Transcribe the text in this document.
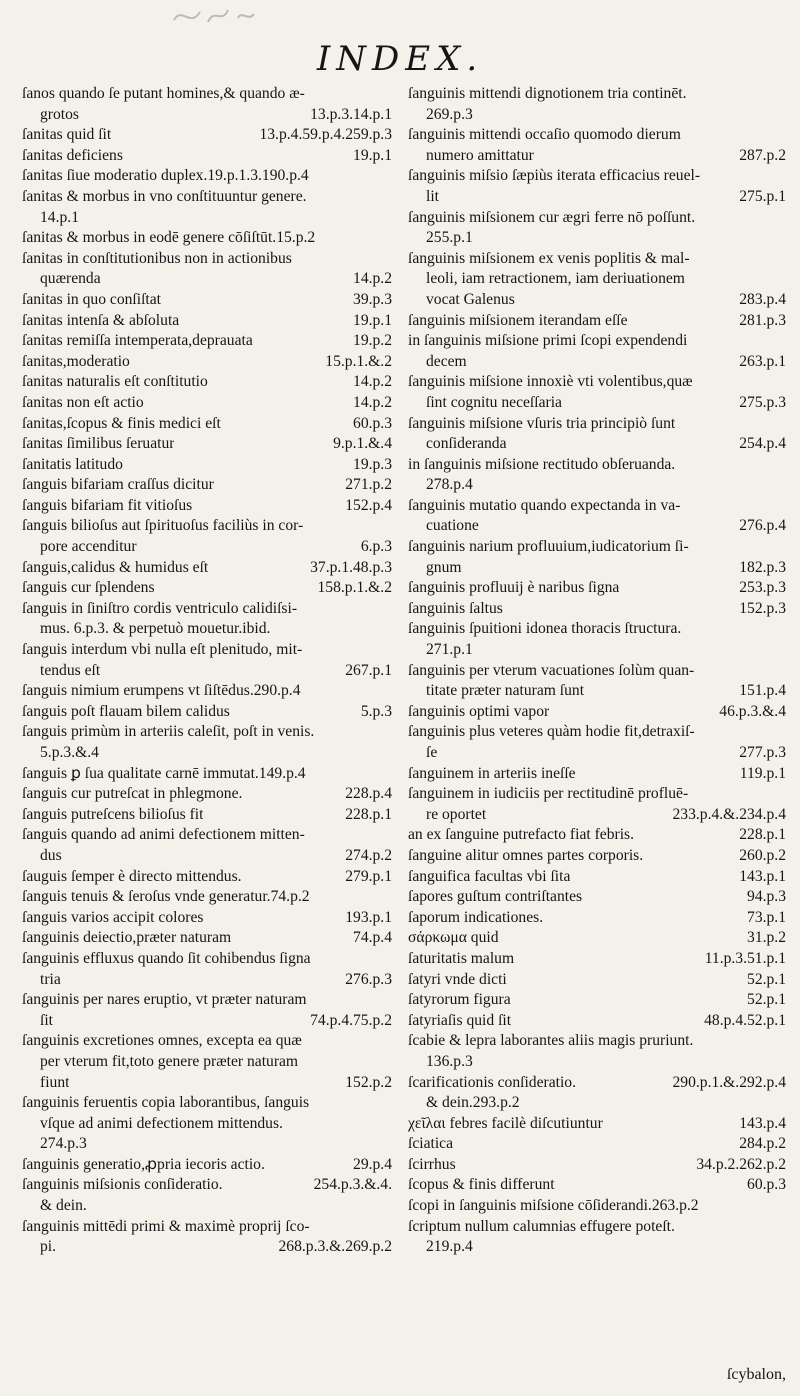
INDEX.
ſanos quando ſe putant homines,& quando æ-
grotos	13.p.3.14.p.1
ſanitas quid ſit	13.p.4.59.p.4.259.p.3
ſanitas deficiens	19.p.1
ſanitas ſiue moderatio duplex.19.p.1.3.190.p.4
ſanitas & morbus in vno conſtituuntur genere.
14.p.1
ſanitas & morbus in eodē genere cōſiſtūt.15.p.2
ſanitas in conſtitutionibus non in actionibus
quærenda	14.p.2
ſanitas in quo conſiſtat	39.p.3
ſanitas intenſa & abſoluta	19.p.1
ſanitas remiſſa intemperata,deprauata	19.p.2
ſanitas,moderatio	15.p.1.&.2
ſanitas naturalis eſt conſtitutio	14.p.2
ſanitas non eſt actio	14.p.2
ſanitas,ſcopus & finis medici eſt	60.p.3
ſanitas ſimilibus ſeruatur	9.p.1.&.4
ſanitatis latitudo	19.p.3
ſanguis bifariam craſſus dicitur	271.p.2
ſanguis bifariam fit vitioſus	152.p.4
ſanguis bilioſus aut ſpirituoſus faciliùs in cor-
pore accenditur	6.p.3
ſanguis,calidus & humidus eſt	37.p.1.48.p.3
ſanguis cur ſplendens	158.p.1.&.2
ſanguis in ſiniſtro cordis ventriculo calidiſsi-
mus. 6.p.3. & perpetuò mouetur.ibid.
ſanguis interdum vbi nulla eſt plenitudo, mit-
tendus eſt	267.p.1
ſanguis nimium erumpens vt ſiſtēdus.290.p.4
ſanguis poſt flauam bilem calidus	5.p.3
ſanguis primùm in arteriis caleſit, poſt in venis.
5.p.3.&.4
ſanguis ꝑ ſua qualitate carnē immutat.149.p.4
ſanguis cur putreſcat in phlegmone.	228.p.4
ſanguis putreſcens bilioſus fit	228.p.1
ſanguis quando ad animi defectionem mitten-
dus	274.p.2
ſauguis ſemper è directo mittendus.	279.p.1
ſanguis tenuis & ſeroſus vnde generatur.74.p.2
ſanguis varios accipit colores	193.p.1
ſanguinis deiectio,præter naturam	74.p.4
ſanguinis effluxus quando ſit cohibendus ſigna
tria	276.p.3
ſanguinis per nares eruptio, vt præter naturam
ſit	74.p.4.75.p.2
ſanguinis excretiones omnes, excepta ea quæ
per vterum fit,toto genere præter naturam
fiunt	152.p.2
ſanguinis feruentis copia laborantibus, ſanguis
vſque ad animi defectionem mittendus.
274.p.3
ſanguinis generatio,ꝓpria iecoris actio.	29.p.4
ſanguinis miſsionis conſideratio.	254.p.3.&.4.
& dein.
ſanguinis mittēdi primi & maximè proprij ſco-
pi.	268.p.3.&.269.p.2
ſanguinis mittendi dignotionem tria continēt.
269.p.3
ſanguinis mittendi occaſio quomodo dierum
numero amittatur	287.p.2
ſanguinis miſsio ſæpiùs iterata efficacius reuel-
lit	275.p.1
ſanguinis miſsionem cur ægri ferre nō poſſunt.
255.p.1
ſanguinis miſsionem ex venis poplitis & mal-
leoli, iam retractionem, iam deriuationem
vocat Galenus	283.p.4
ſanguinis miſsionem iterandam eſſe	281.p.3
in ſanguinis miſsione primi ſcopi expendendi
decem	263.p.1
ſanguinis miſsione innoxiè vti volentibus,quæ
ſint cognitu neceſſaria	275.p.3
ſanguinis miſsione vſuris tria principiò ſunt
conſideranda	254.p.4
in ſanguinis miſsione rectitudo obſeruanda.
278.p.4
ſanguinis mutatio quando expectanda in va-
cuatione	276.p.4
ſanguinis narium profluuium,iudicatorium ſi-
gnum	182.p.3
ſanguinis profluuij è naribus ſigna	253.p.3
ſanguinis ſaltus	152.p.3
ſanguinis ſpuitioni idonea thoracis ſtructura.
271.p.1
ſanguinis per vterum vacuationes ſolùm quan-
titate præter naturam ſunt	151.p.4
ſanguinis optimi vapor	46.p.3.&.4
ſanguinis plus veteres quàm hodie fit,detraxiſ-
ſe	277.p.3
ſanguinem in arteriis ineſſe	119.p.1
ſanguinem in iudiciis per rectitudinē profluē-
re oportet	233.p.4.&.234.p.4
an ex ſanguine putrefacto fiat febris.	228.p.1
ſanguine alitur omnes partes corporis.	260.p.2
ſanguifica facultas vbi ſita	143.p.1
ſapores guſtum contriſtantes	94.p.3
ſaporum indicationes.	73.p.1
σάρκωμα quid	31.p.2
ſaturitatis malum	11.p.3.51.p.1
ſatyri vnde dicti	52.p.1
ſatyrorum figura	52.p.1
ſatyriaſis quid ſit	48.p.4.52.p.1
ſcabie & lepra laborantes aliis magis pruriunt.
136.p.3
ſcarificationis conſideratio.	290.p.1.&.292.p.4
& dein.293.p.2
χεῖλαι febres facilè diſcutiuntur	143.p.4
ſciatica	284.p.2
ſcirrhus	34.p.2.262.p.2
ſcopus & finis differunt	60.p.3
ſcopi in ſanguinis miſsione cōſiderandi.263.p.2
ſcriptum nullum calumnias effugere poteſt.
219.p.4
ſcybalon,
